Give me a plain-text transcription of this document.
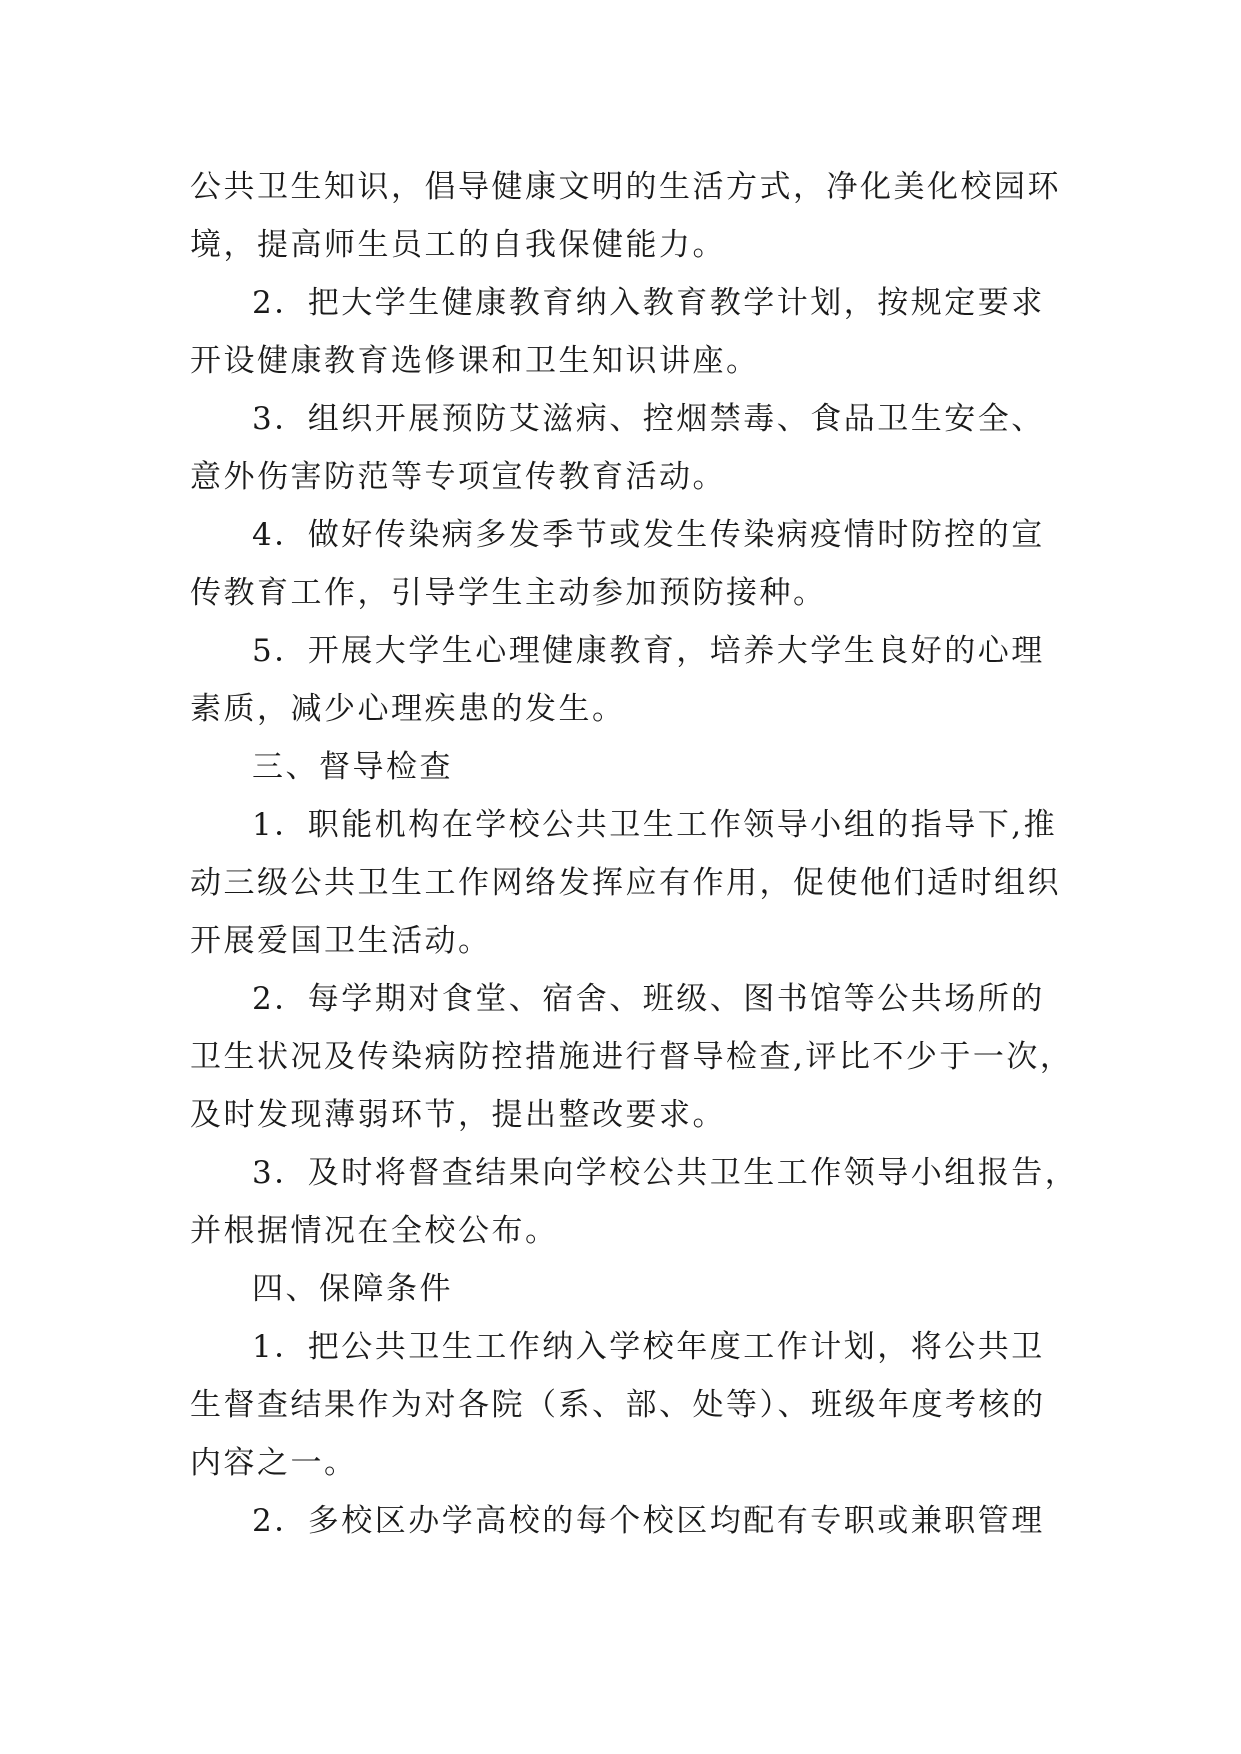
公共卫生知识，倡导健康文明的生活方式，净化美化校园环
境，提高师生员工的自我保健能力。
2．把大学生健康教育纳入教育教学计划，按规定要求
开设健康教育选修课和卫生知识讲座。
3．组织开展预防艾滋病、控烟禁毒、食品卫生安全、
意外伤害防范等专项宣传教育活动。
4．做好传染病多发季节或发生传染病疫情时防控的宣
传教育工作，引导学生主动参加预防接种。
5．开展大学生心理健康教育，培养大学生良好的心理
素质，减少心理疾患的发生。
三、督导检查
1．职能机构在学校公共卫生工作领导小组的指导下,推
动三级公共卫生工作网络发挥应有作用，促使他们适时组织
开展爱国卫生活动。
2．每学期对食堂、宿舍、班级、图书馆等公共场所的
卫生状况及传染病防控措施进行督导检查,评比不少于一次，
及时发现薄弱环节，提出整改要求。
3．及时将督查结果向学校公共卫生工作领导小组报告，
并根据情况在全校公布。
四、保障条件
1．把公共卫生工作纳入学校年度工作计划，将公共卫
生督查结果作为对各院（系、部、处等）、班级年度考核的
内容之一。
2．多校区办学高校的每个校区均配有专职或兼职管理
